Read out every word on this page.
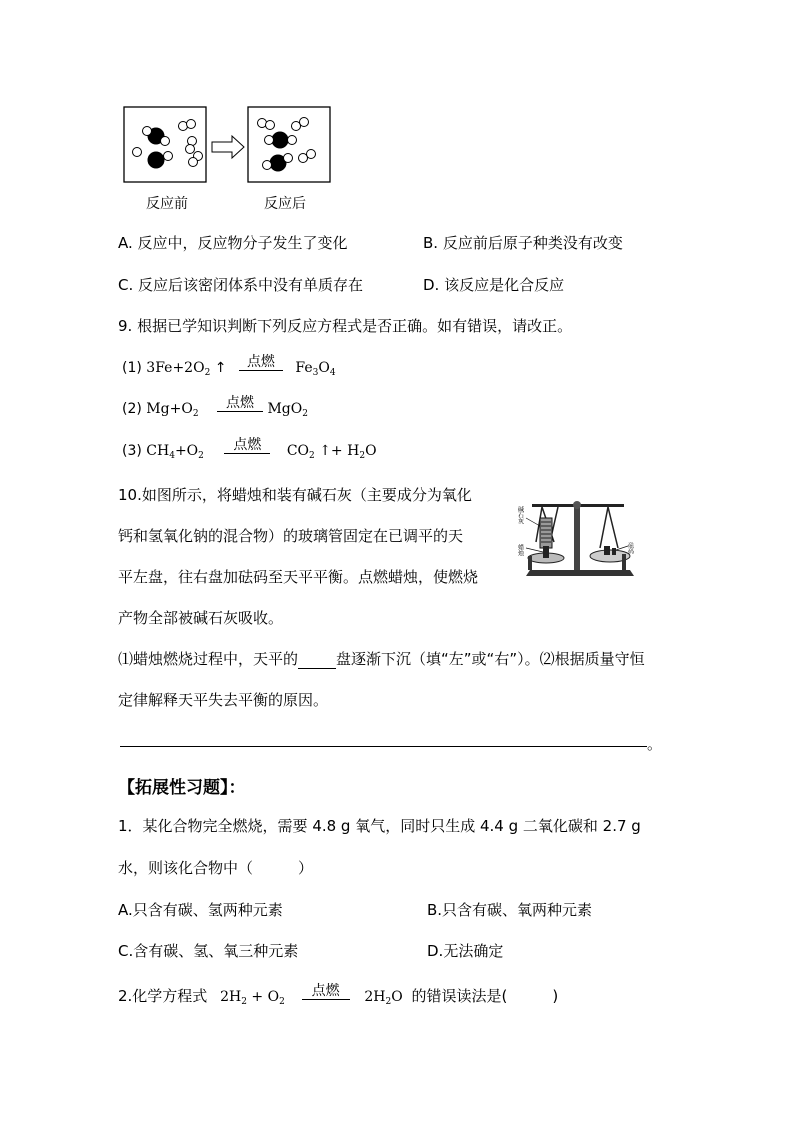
反应前	反应后
A. 反应中，反应物分子发生了变化	B. 反应前后原子种类没有改变
C. 反应后该密闭体系中没有单质存在	D. 该反应是化合反应
9. 根据已学知识判断下列反应方程式是否正确。如有错误，请改正。
(1) $3Fe+2O_2$ ↑	点燃	$Fe_3O_4$
(2) $Mg+O_2$
点燃 MgO$_2$
(3) $CH_4+O_2$
点燃	$CO_2$ ↑+ $H_2O$
10.如图所示，将蜡烛和装有碱石灰（主要成分为氧化
钙和氢氧化钠的混合物）的玻璃管固定在已调平的天
平左盘，往右盘加砝码至天平平衡。点燃蜡烛，使燃烧
产物全部被碱石灰吸收。
碱石灰
蜡烛	砝码
⑴蜡烛燃烧过程中，天平的	盘逐渐下沉（填“左”或“右”）。⑵根据质量守恒
定律解释天平失去平衡的原因。
。
【拓展性习题】：
1．某化合物完全燃烧，需要 4.8 g 氧气，同时只生成 4.4 g 二氧化碳和 2.7 g
水，则该化合物中（　　　）
A.只含有碳、氢两种元素	B.只含有碳、氧两种元素
C.含有碳、氢、氧三种元素	D.无法确定
2.化学方程式 $2H_2 + O_2$
点燃	$2H_2O$ 的错误读法是(　　　)
